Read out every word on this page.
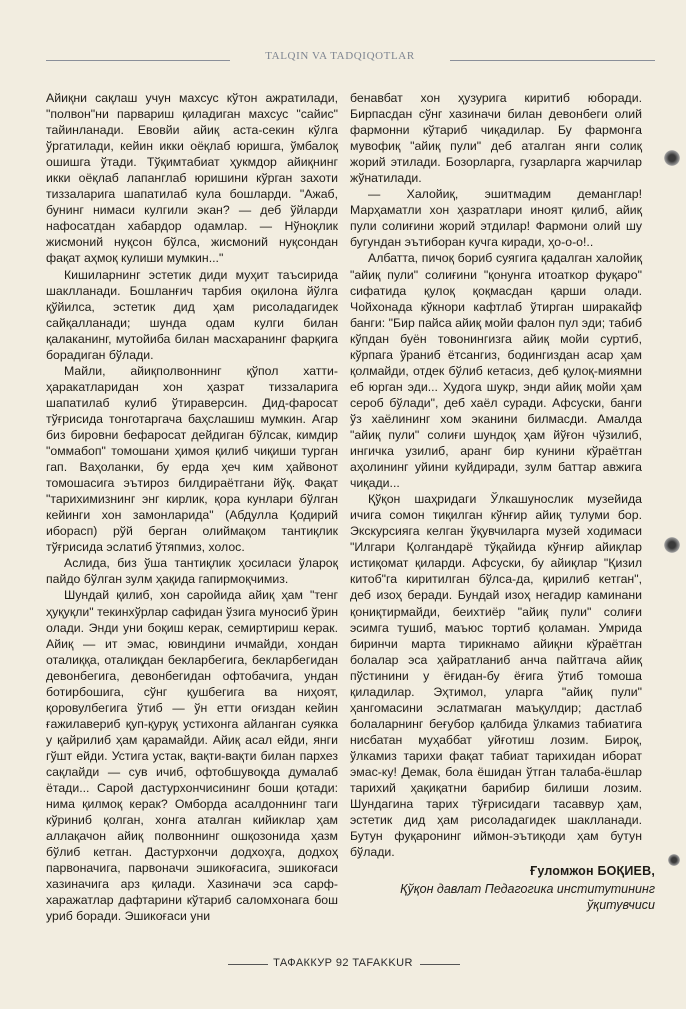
TALQIN VA TADQIQOTLAR

Айиқни сақлаш учун махсус кўтон ажратилади, "полвон"ни парвариш қиладиган махсус "сайис" тайинланади. Евовйи айиқ аста-секин кўлга ўргатилади, кейин икки оёқлаб юришга, ўмбалоқ ошишга ўтади. Тўқимтабиат ҳукмдор айиқнинг икки оёқлаб лапанглаб юришини кўрган захоти тиззаларига шапатилаб кула бошларди. "Ажаб, бунинг нимаси кулгили экан? — деб ўйларди нафосатдан хабардор одамлар. — Нўноқлик жисмоний нуқсон бўлса, жисмоний нуқсондан фақат аҳмоқ кулиши мумкин..."

Кишиларнинг эстетик диди муҳит таъсирида шаклланади. Бошланғич тарбия оқилона йўлга қўйилса, эстетик дид ҳам рисоладагидек сайқалланади; шунда одам кулги билан қалаканинг, мутойиба билан масхаранинг фарқига борадиган бўлади.

Майли, айиқполвоннинг қўпол хатти-ҳаракатларидан хон ҳазрат тиззаларига шапатилаб кулиб ўтираверсин. Дид-фаросат тўғрисида тонготаргача баҳслашиш мумкин. Агар биз бировни бефаросат дейдиган бўлсак, кимдир "оммабоп" томошани ҳимоя қилиб чиқиши турган гап. Ваҳоланки, бу ерда ҳеч ким ҳайвонот томошасига эътироз билдираётгани йўқ. Фақат "тарихимизнинг энг кирлик, қора кунлари бўлган кейинги хон замонларида" (Абдулла Қодирий иборасп) рўй берган олиймақом тантиқлик тўғрисида эслатиб ўтяпмиз, холос.

Аслида, биз ўша тантиқлик ҳосиласи ўлароқ пайдо бўлган зулм ҳақида гапирмоқчимиз.

Шундай қилиб, хон саройида айиқ ҳам "тенг ҳуқуқли" текинхўрлар сафидан ўзига муносиб ўрин олади. Энди уни боқиш керак, семиртириш керак. Айиқ — ит эмас, ювиндини ичмайди, хондан оталиққа, оталиқдан бекларбегига, бекларбегидан девонбегига, девонбегидан офтобачига, ундан ботирбошига, сўнг қушбегига ва ниҳоят, қоровулбегига ўтиб — ўн етти оғиздан кейин ғажилавериб қуп-қуруқ устихонга айланган суякка у қайрилиб ҳам қарамайди. Айиқ асал ейди, янги гўшт ейди. Устига устак, вақти-вақти билан пархез сақлайди — сув ичиб, офтобшувоқда думалаб ётади... Сарой дастурхончисининг боши қотади: нима қилмоқ керак? Омборда асалдоннинг таги кўриниб қолган, хонга аталган кийиклар ҳам аллақачон айиқ полвоннинг ошқозонида ҳазм бўлиб кетган. Дастурхончи додхоҳга, додхоҳ парвоначига, парвоначи эшикоғасига, эшикоғаси хазиначига арз қилади. Хазиначи эса сарф-харажатлар дафтарини кўтариб саломхонага бош уриб боради. Эшикоғаси уни

бенавбат хон ҳузурига киритиб юборади. Бирпасдан сўнг хазиначи билан девонбеги олий фармонни кўтариб чиқадилар. Бу фармонга мувофиқ "айиқ пули" деб аталган янги солиқ жорий этилади. Бозорларга, гузарларга жарчилар жўнатилади.

— Халойиқ, эшитмадим деманглар! Марҳаматли хон ҳазратлари иноят қилиб, айиқ пули солиғини жорий этдилар! Фармони олий шу бугундан эътиборан кучга киради, ҳо-о-о!..

Албатта, пичоқ бориб суягига қадалган халойиқ "айиқ пули" солиғини "қонунга итоаткор фуқаро" сифатида қулоқ қоқмасдан қарши олади. Чойхонада кўкнори кафтлаб ўтирган ширакайф банги: "Бир пайса айиқ мойи фалон пул эди; табиб кўпдан буён товонингизга айиқ мойи суртиб, кўрпага ўраниб ётсангиз, бодингиздан асар ҳам қолмайди, отдек бўлиб кетасиз, деб қулоқ-миямни еб юрган эди... Худога шукр, энди айиқ мойи ҳам сероб бўлади", деб хаёл суради. Афсуски, банги ўз хаёлининг хом эканини билмасди. Амалда "айиқ пули" солиғи шундоқ ҳам йўғон чўзилиб, ингичка узилиб, аранг бир кунини кўраётган аҳолининг уйини куйдиради, зулм баттар авжига чиқади...

Қўқон шаҳридаги Ўлкашунослик музейида ичига сомон тиқилган кўнғир айиқ тулуми бор. Экскурсияга келган ўқувчиларга музей ходимаси "Илгари Қолгандарё тўқайида кўнғир айиқлар истиқомат қиларди. Афсуски, бу айиқлар "Қизил китоб"га киритилган бўлса-да, қирилиб кетган", деб изоҳ беради. Бундай изоҳ негадир каминани қониқтирмайди, беихтиёр "айиқ пули" солиғи эсимга тушиб, маъюс тортиб қоламан. Умрида биринчи марта тирикнамо айиқни кўраётган болалар эса ҳайратланиб анча пайтгача айиқ пўстинини у ёғидан-бу ёғига ўтиб томоша қиладилар. Эҳтимол, уларга "айиқ пули" ҳангомасини эслатмаган маъқулдир; дастлаб болаларнинг беғубор қалбида ўлкамиз табиатига нисбатан муҳаббат уйғотиш лозим. Бироқ, ўлкамиз тарихи фақат табиат тарихидан иборат эмас-ку! Демак, бола ёшидан ўтган талаба-ёшлар тарихий ҳақиқатни барибир билиши лозим. Шундагина тарих тўғрисидаги тасаввур ҳам, эстетик дид ҳам рисоладагидек шаклланади. Бутун фуқаронинг иймон-эътиқоди ҳам бутун бўлади.

Ғуломжон БОҚИЕВ,
Қўқон давлат Педагогика институтининг
ўқитувчиси
ТАФАККУР 92 TAFAKKUR
